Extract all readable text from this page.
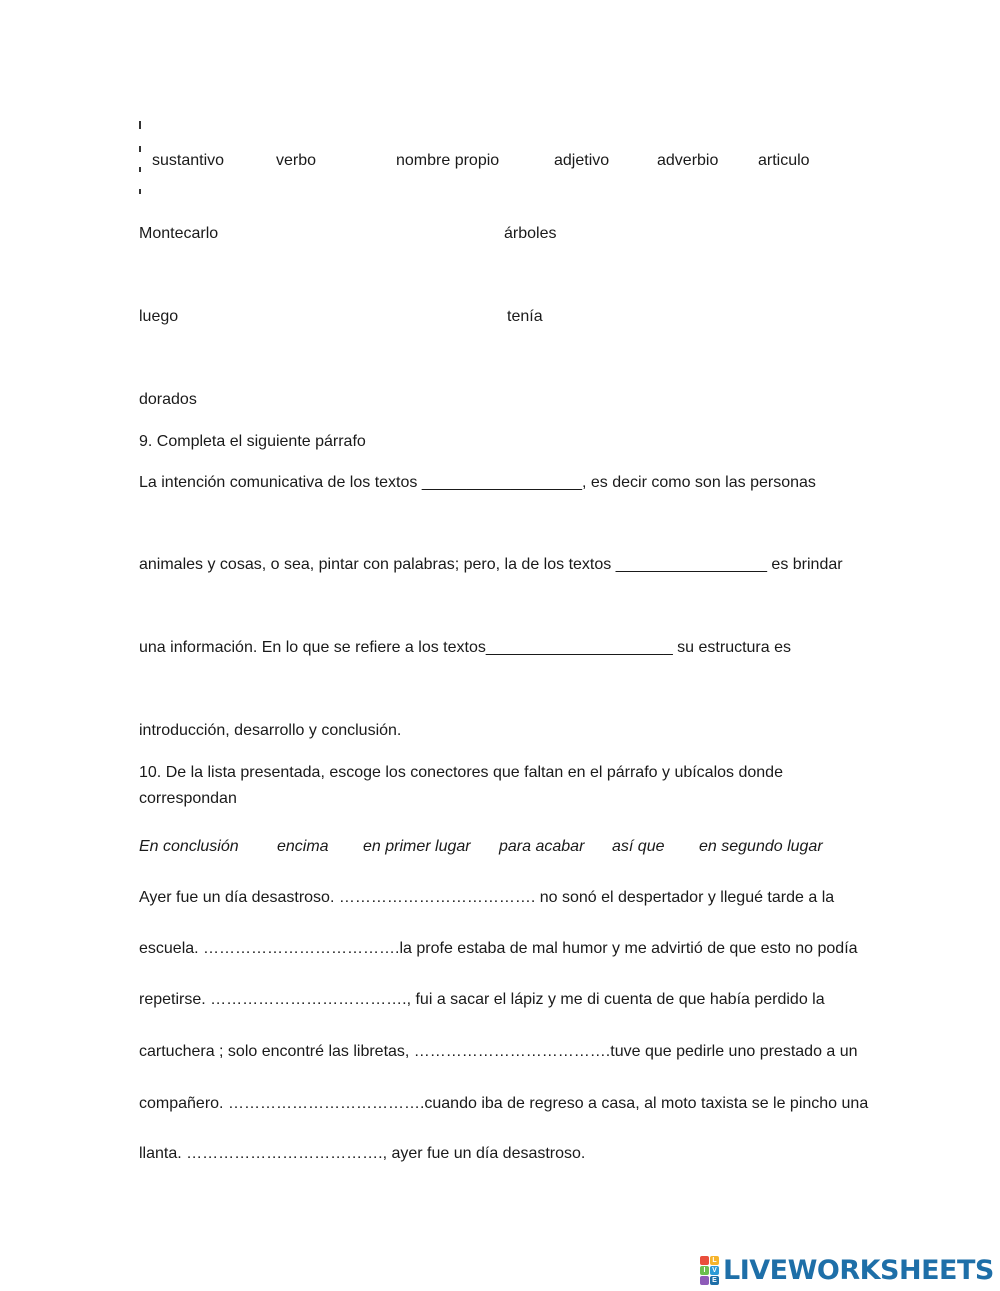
sustantivo	verbo	nombre propio	adjetivo	adverbio articulo
Montecarlo	árboles
luego	tenía
dorados
9. Completa el siguiente párrafo
La intención comunicativa de los textos __________________, es decir como son las personas
animales y cosas, o sea, pintar con palabras; pero, la de los textos _________________ es brindar
una información. En lo que se refiere a los textos_____________________ su estructura es
introducción, desarrollo y conclusión.
10. De la lista presentada, escoge los conectores que faltan en el párrafo y ubícalos donde
correspondan
En conclusión encima en primer lugar para acabar así que en segundo lugar
Ayer fue un día desastroso. ………………………………. no sonó el despertador y llegué tarde a la
escuela. ……………………………….la profe estaba de mal humor y me advirtió de que esto no podía
repetirse. ………………………………., fui a sacar el lápiz y me di cuenta de que había perdido la
cartuchera ; solo encontré las libretas, ……………………………….tuve que pedirle uno prestado a un
compañero. ……………………………….cuando iba de regreso a casa, al moto taxista se le pincho una
llanta. ………………………………., ayer fue un día desastroso.
L
I V
E LIVEWORKSHEETS
